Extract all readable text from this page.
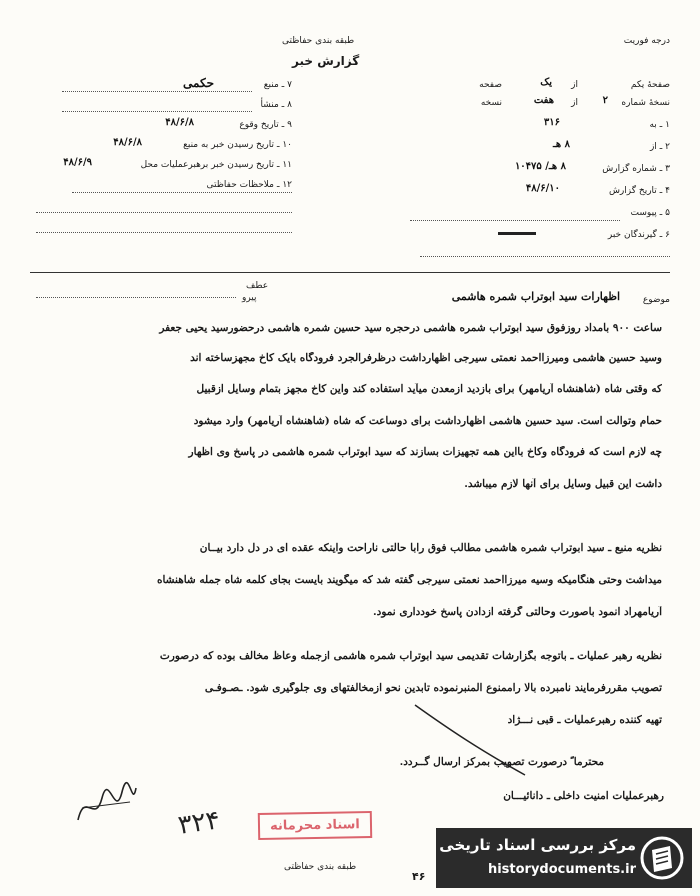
طبقه بندی حفاظتی	درجه فوریت
گزارش خبر
۷ ـ منبع
حکمی
۸ ـ منشأ
۹ ـ تاریخ وقوع
۴۸/۶/۸
۱۰ ـ تاریخ رسیدن خبر به منبع
۴۸/۶/۸
۱۱ ـ تاریخ رسیدن خبر برهبرعملیات محل
۴۸/۶/۹
۱۲ ـ ملاحظات حفاظتی
صفحهٔ یکم
از
یک
صفحه
نسخهٔ شماره
۲
از
هفت
نسخه
۱ ـ به
۳۱۶
۲ ـ از
۸ هـ
۳ ـ شماره گزارش
۸ هـ/ ۱۰۴۷۵
۴ ـ تاریخ گزارش
۴۸/۶/۱۰
۵ ـ پیوست
۶ ـ گیرندگان خبر
عطف
پیرو	موضوع
اظهارات سید ابوتراب شمره هاشمی
ساعت ۹۰۰ بامداد روزفوق سید ابوتراب شمره هاشمی درحجره سید حسین شمره هاشمی درحضورسید یحیی جعفر
وسید حسین هاشمی ومیرزااحمد نعمتی سیرجی اظهارداشت درظرفرالجرد فرودگاه بایک کاخ مجهزساخته اند
که وقتی شاه (شاهنشاه آریامهر) برای بازدید ازمعدن میآید استفاده کند واین کاخ مجهز بتمام وسایل ازقبیل
حمام وتوالت است. سید حسین هاشمی اظهارداشت برای دوساعت که شاه (شاهنشاه آریامهر) وارد میشود
چه لازم است که فرودگاه وکاخ بااین همه تجهیزات بسازند که سید ابوتراب شمره هاشمی در پاسخ وی اظهار
داشت این قبیل وسایل برای آنها لازم میباشد.
نظریه منبع ـ سید ابوتراب شمره هاشمی مطالب فوق رابا حالتی ناراحت واینکه عقده ای در دل دارد بیــان
میداشت وحتی هنگامیکه وسیه میرزااحمد نعمتی سیرجی گفته شد که میگویند بایست بجای کلمه شاه جمله شاهنشاه
آریامهراد انمود باصورت وحالتی گرفته ازدادن پاسخ خودداری نمود.
نظریه رهبر عملیات ـ باتوجه بگزارشات تقدیمی سید ابوتراب شمره هاشمی ازجمله وعاظ مخالف بوده که درصورت
تصویب مقررفرمایند نامبرده بالا راممنوع المنبرنموده تابدین نحو ازمخالفتهای وی جلوگیری شود. ـصـوفـی
تهیه کننده رهبرعملیات ـ قبی نـــژاد
محترما ً درصورت تصویب بمرکز ارسال گــردد.
رهبرعملیات امنیت داخلی ـ دانائیـــان
۳۲۴	اسناد محرمانه
طبقه بندی حفاظتی
مرکز بررسی اسناد تاریخی
historydocuments.ir
۴۶
